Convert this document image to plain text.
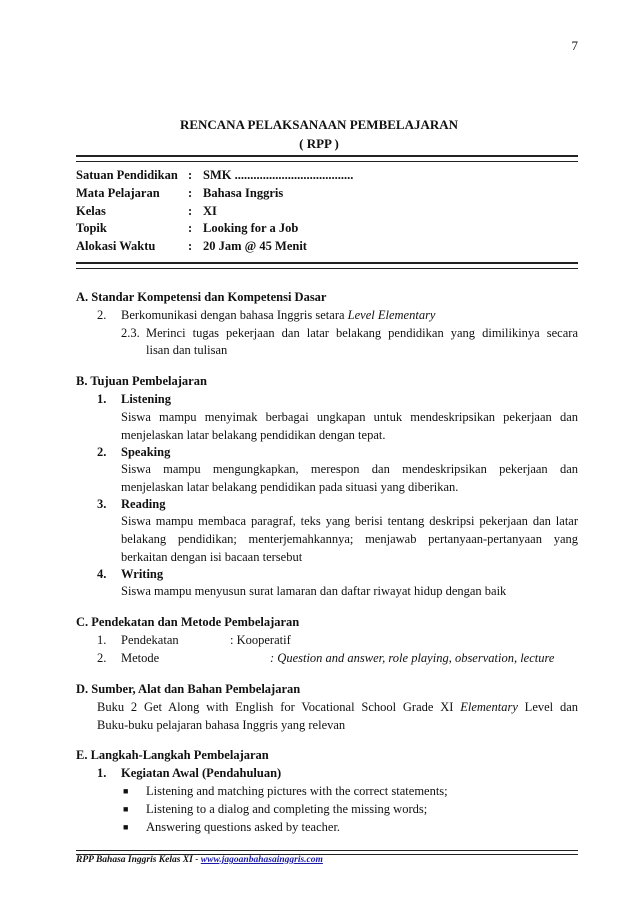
7
RENCANA PELAKSANAAN PEMBELAJARAN
( RPP )
Satuan Pendidikan : SMK ......................................
Mata Pelajaran : Bahasa Inggris
Kelas	: XI
Topik	: Looking for a Job
Alokasi Waktu	: 20 Jam @ 45 Menit
A. Standar Kompetensi dan Kompetensi Dasar
2. Berkomunikasi dengan bahasa Inggris setara Level Elementary
2.3. Merinci tugas pekerjaan dan latar belakang pendidikan yang dimilikinya secara
lisan dan tulisan
B. Tujuan Pembelajaran
1. Listening
Siswa mampu menyimak berbagai ungkapan untuk mendeskripsikan pekerjaan dan
menjelaskan latar belakang pendidikan dengan tepat.
2. Speaking
Siswa mampu mengungkapkan, merespon dan mendeskripsikan pekerjaan dan
menjelaskan latar belakang pendidikan pada situasi yang diberikan.
3. Reading
Siswa mampu membaca paragraf, teks yang berisi tentang deskripsi pekerjaan dan latar
belakang pendidikan; menterjemahkannya; menjawab pertanyaan-pertanyaan yang
berkaitan dengan isi bacaan tersebut
4. Writing
Siswa mampu menyusun surat lamaran dan daftar riwayat hidup dengan baik
C. Pendekatan dan Metode Pembelajaran
1. Pendekatan	: Kooperatif
2. Metode	: Question and answer, role playing, observation, lecture
D. Sumber, Alat dan Bahan Pembelajaran
Buku 2 Get Along with English for Vocational School Grade XI Elementary Level dan
Buku-buku pelajaran bahasa Inggris yang relevan
E. Langkah-Langkah Pembelajaran
1. Kegiatan Awal (Pendahuluan)
■ Listening and matching pictures with the correct statements;
■ Listening to a dialog and completing the missing words;
■ Answering questions asked by teacher.
RPP Bahasa Inggris Kelas XI - www.jagoanbahasainggris.com
